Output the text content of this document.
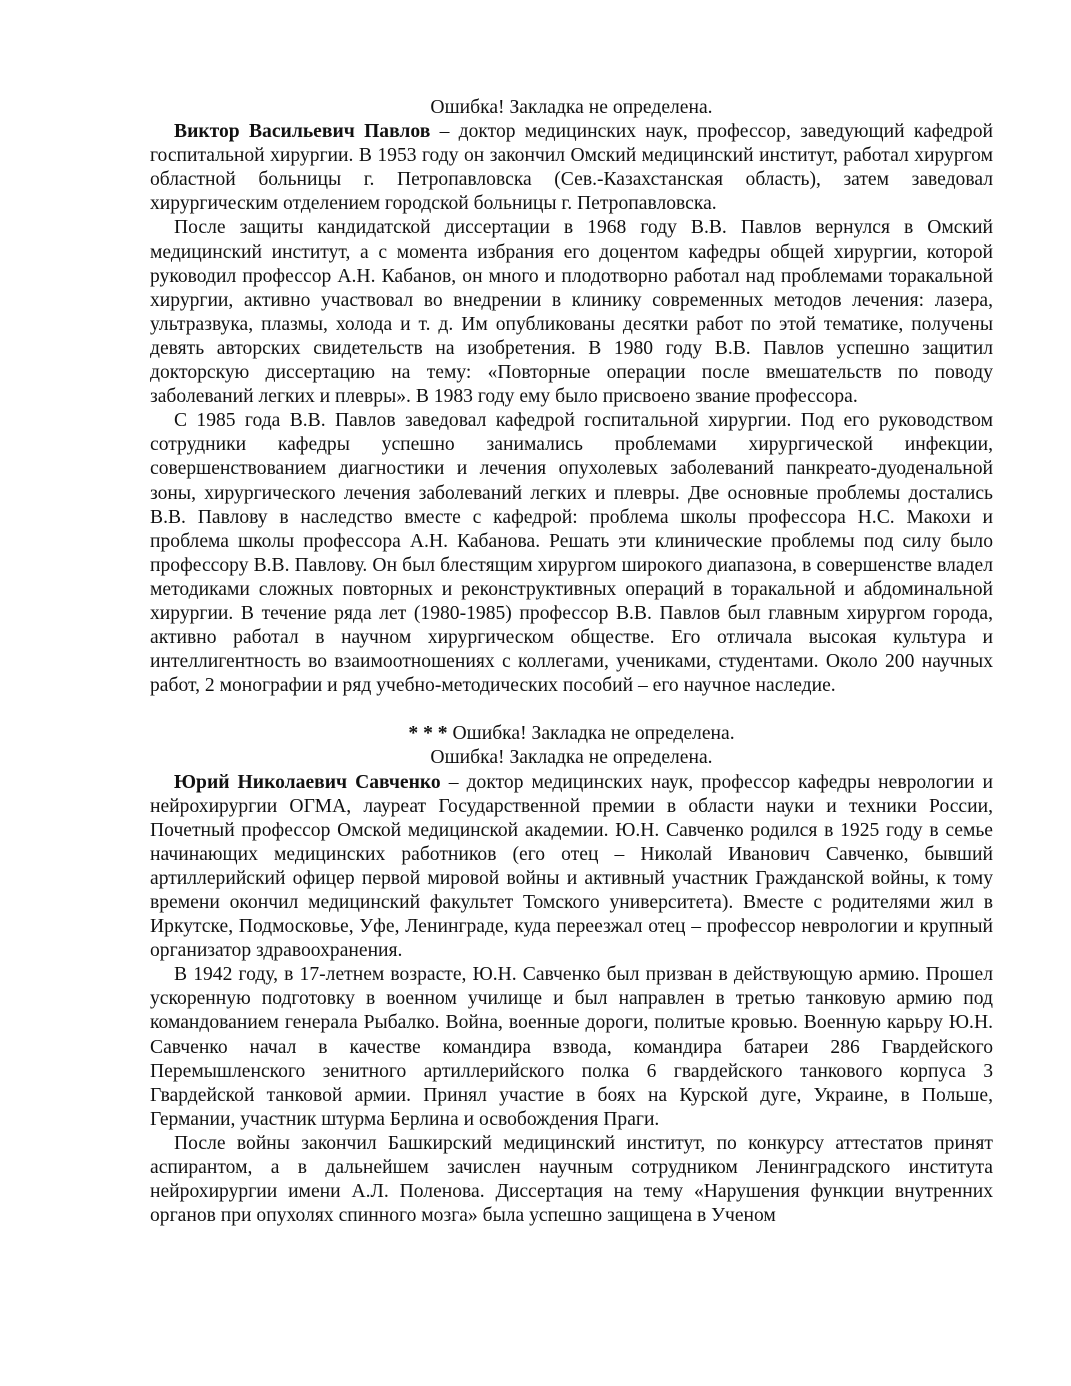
Ошибка! Закладка не определена.

Виктор Васильевич Павлов – доктор медицинских наук, профессор, заведующий кафедрой госпитальной хирургии. В 1953 году он закончил Омский медицинский институт, работал хирургом областной больницы г. Петропавловска (Сев.-Казахстанская область), затем заведовал хирургическим отделением городской больницы г. Петропавловска.

После защиты кандидатской диссертации в 1968 году В.В. Павлов вернулся в Омский медицинский институт, а с момента избрания его доцентом кафедры общей хирургии, которой руководил профессор А.Н. Кабанов, он много и плодотворно работал над проблемами торакальной хирургии, активно участвовал во внедрении в клинику современных методов лечения: лазера, ультразвука, плазмы, холода и т. д. Им опубликованы десятки работ по этой тематике, получены девять авторских свидетельств на изобретения. В 1980 году В.В. Павлов успешно защитил докторскую диссертацию на тему: «Повторные операции после вмешательств по поводу заболеваний легких и плевры». В 1983 году ему было присвоено звание профессора.

С 1985 года В.В. Павлов заведовал кафедрой госпитальной хирургии. Под его руководством сотрудники кафедры успешно занимались проблемами хирургической инфекции, совершенствованием диагностики и лечения опухолевых заболеваний панкреато-дуоденальной зоны, хирургического лечения заболеваний легких и плевры. Две основные проблемы достались В.В. Павлову в наследство вместе с кафедрой: проблема школы профессора Н.С. Макохи и проблема школы профессора А.Н. Кабанова. Решать эти клинические проблемы под силу было профессору В.В. Павлову. Он был блестящим хирургом широкого диапазона, в совершенстве владел методиками сложных повторных и реконструктивных операций в торакальной и абдоминальной хирургии. В течение ряда лет (1980-1985) профессор В.В. Павлов был главным хирургом города, активно работал в научном хирургическом обществе. Его отличала высокая культура и интеллигентность во взаимоотношениях с коллегами, учениками, студентами. Около 200 научных работ, 2 монографии и ряд учебно-методических пособий – его научное наследие.

* * * Ошибка! Закладка не определена.

Ошибка! Закладка не определена.

Юрий Николаевич Савченко – доктор медицинских наук, профессор кафедры неврологии и нейрохирургии ОГМА, лауреат Государственной премии в области науки и техники России, Почетный профессор Омской медицинской академии. Ю.Н. Савченко родился в 1925 году в семье начинающих медицинских работников (его отец – Николай Иванович Савченко, бывший артиллерийский офицер первой мировой войны и активный участник Гражданской войны, к тому времени окончил медицинский факультет Томского университета). Вместе с родителями жил в Иркутске, Подмосковье, Уфе, Ленинграде, куда переезжал отец – профессор неврологии и крупный организатор здравоохранения.

В 1942 году, в 17-летнем возрасте, Ю.Н. Савченко был призван в действующую армию. Прошел ускоренную подготовку в военном училище и был направлен в третью танковую армию под командованием генерала Рыбалко. Война, военные дороги, политые кровью. Военную карьру Ю.Н. Савченко начал в качестве командира взвода, командира батареи 286 Гвардейского Перемышленского зенитного артиллерийского полка 6 гвардейского танкового корпуса 3 Гвардейской танковой армии. Принял участие в боях на Курской дуге, Украине, в Польше, Германии, участник штурма Берлина и освобождения Праги.

После войны закончил Башкирский медицинский институт, по конкурсу аттестатов принят аспирантом, а в дальнейшем зачислен научным сотрудником Ленинградского института нейрохирургии имени А.Л. Поленова. Диссертация на тему «Нарушения функции внутренних органов при опухолях спинного мозга» была успешно защищена в Ученом
